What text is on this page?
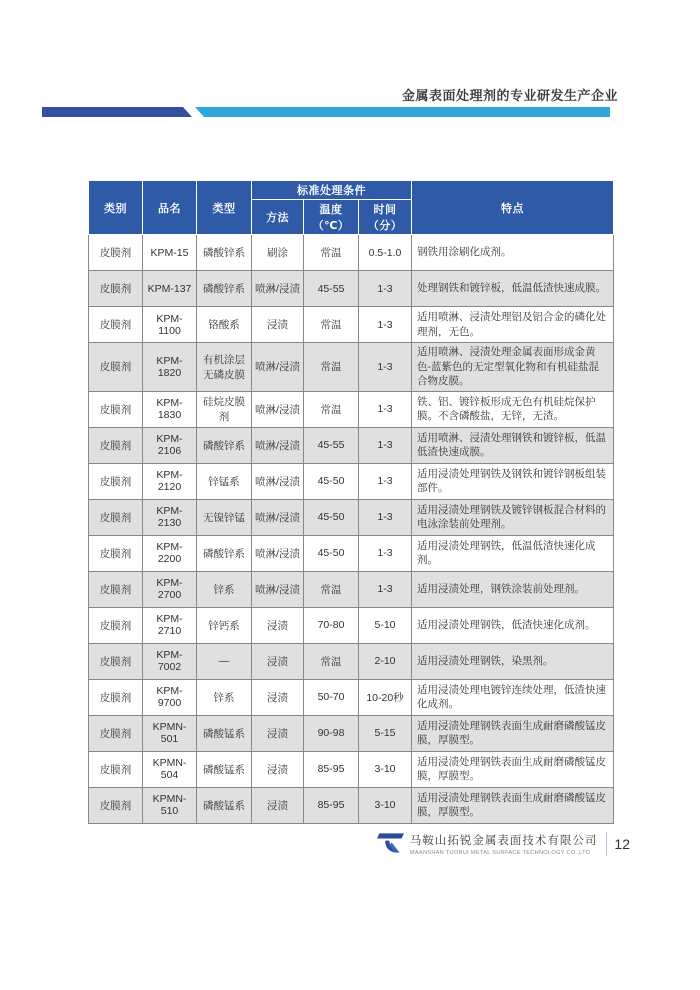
金属表面处理剂的专业研发生产企业
类别	品名	类型	标准处理条件			特点
			方法	温度（℃）	时间（分）	
皮膜剂	KPM-15	磷酸锌系	刷涂	常温	0.5-1.0	钢铁用涂刷化成剂。
皮膜剂	KPM-137	磷酸锌系	喷淋/浸渍	45-55	1-3	处理钢铁和镀锌板，低温低渣快速成膜。
皮膜剂	KPM-1100	铬酸系	浸渍	常温	1-3	适用喷淋、浸渍处理铝及铝合金的磷化处理剂，无色。
皮膜剂	KPM-1820	有机涂层无磷皮膜	喷淋/浸渍	常温	1-3	适用喷淋、浸渍处理金属表面形成金黄色-蓝紫色的无定型氧化物和有机硅盐混合物皮膜。
皮膜剂	KPM-1830	硅烷皮膜剂	喷淋/浸渍	常温	1-3	铁、铝、镀锌板形成无色有机硅烷保护膜。不含磷酸盐，无锌，无渣。
皮膜剂	KPM-2106	磷酸锌系	喷淋/浸渍	45-55	1-3	适用喷淋、浸渍处理钢铁和镀锌板，低温低渣快速成膜。
皮膜剂	KPM-2120	锌锰系	喷淋/浸渍	45-50	1-3	适用浸渍处理钢铁及钢铁和镀锌钢板组装部件。
皮膜剂	KPM-2130	无镍锌锰	喷淋/浸渍	45-50	1-3	适用浸渍处理钢铁及镀锌钢板混合材料的电泳涂装前处理剂。
皮膜剂	KPM-2200	磷酸锌系	喷淋/浸渍	45-50	1-3	适用浸渍处理钢铁，低温低渣快速化成剂。
皮膜剂	KPM-2700	锌系	喷淋/浸渍	常温	1-3	适用浸渍处理，钢铁涂装前处理剂。
皮膜剂	KPM-2710	锌钙系	浸渍	70-80	5-10	适用浸渍处理钢铁，低渣快速化成剂。
皮膜剂	KPM-7002	—	浸渍	常温	2-10	适用浸渍处理钢铁，染黑剂。
皮膜剂	KPM-9700	锌系	浸渍	50-70	10-20秒	适用浸渍处理电镀锌连续处理，低渣快速化成剂。
皮膜剂	KPMN-501	磷酸锰系	浸渍	90-98	5-15	适用浸渍处理钢铁表面生成耐磨磷酸锰皮膜，厚膜型。
皮膜剂	KPMN-504	磷酸锰系	浸渍	85-95	3-10	适用浸渍处理钢铁表面生成耐磨磷酸锰皮膜，厚膜型。
皮膜剂	KPMN-510	磷酸锰系	浸渍	85-95	3-10	适用浸渍处理钢铁表面生成耐磨磷酸锰皮膜，厚膜型。
马鞍山拓锐金属表面技术有限公司
MAANSHAN TUORUI METAL SURFACE TECHNOLOGY CO.,LTD
12
